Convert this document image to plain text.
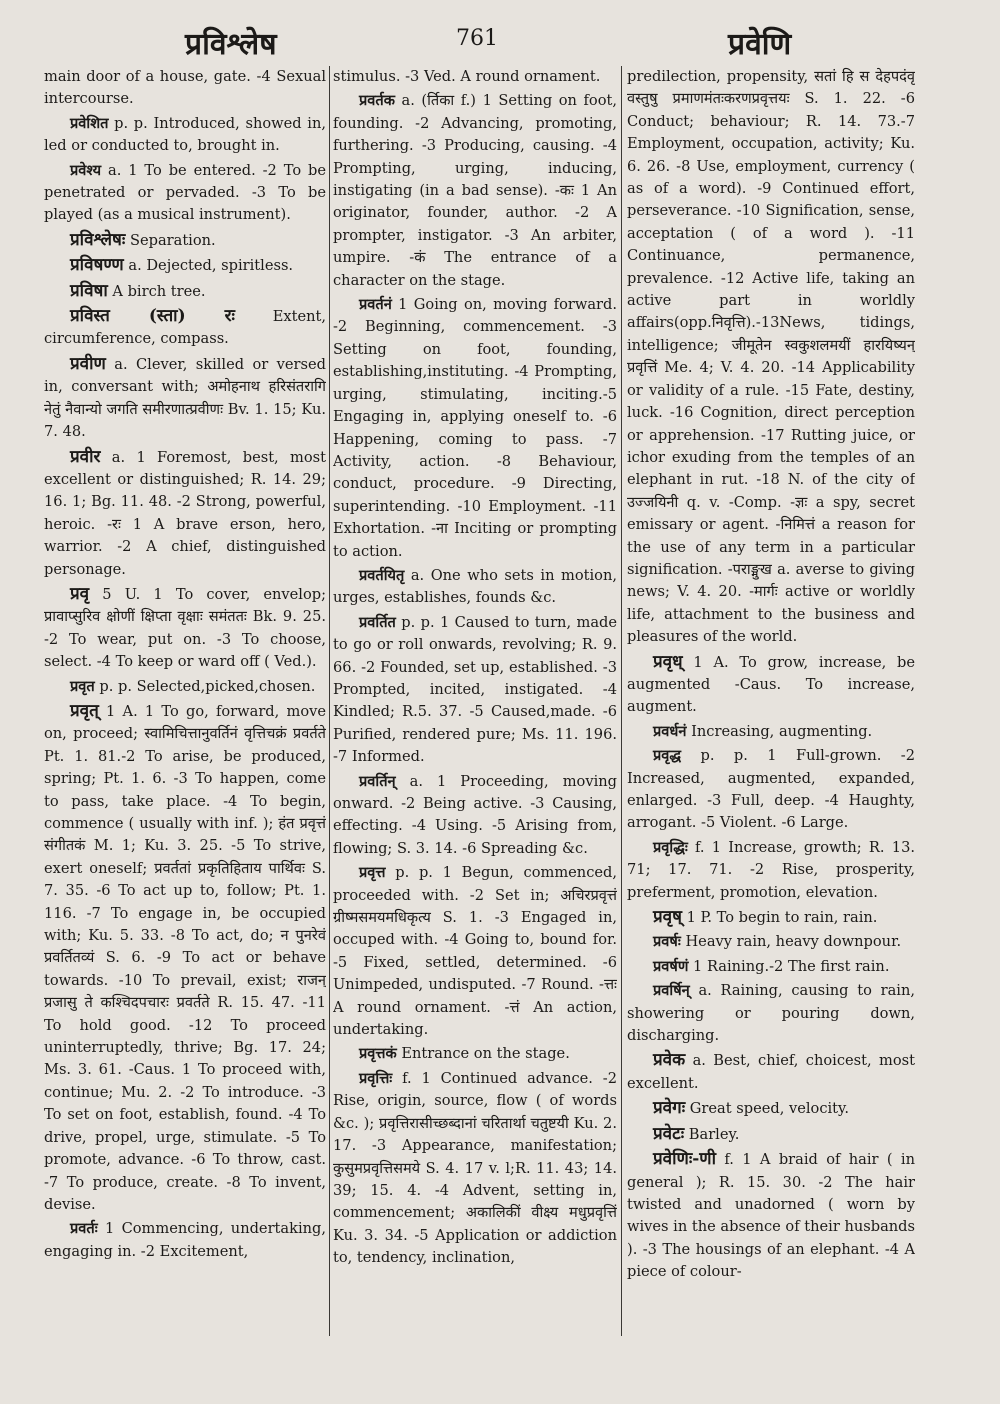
प्रविश्लेष	761	प्रवेणि

main door of a house, gate. -4 Sexual intercourse.

प्रवेशित p. p. Introduced, showed in, led or conducted to, brought in.

प्रवेश्य a. 1 To be entered. -2 To be penetrated or pervaded. -3 To be played (as a musical instrument).

प्रविश्लेषः Separation.

प्रविषण्ण a. Dejected, spiritless.

प्रविषा A birch tree.

प्रविस्त (स्ता) रः Extent, circumference, compass.

प्रवीण a. Clever, skilled or versed in, conversant with; अमोहनाथ हरिसंतरागि नेतुं नैवान्यो जगति समीरणात्प्रवीणः Bv. 1. 15; Ku. 7. 48.

प्रवीर a. 1 Foremost, best, most excellent or distinguished; R. 14. 29; 16. 1; Bg. 11. 48. -2 Strong, powerful, heroic. -रः 1 A brave erson, hero, warrior. -2 A chief, distinguished personage.

प्रवृ 5 U. 1 To cover, envelop; प्रावाप्सुरिव क्षोणीं क्षिप्ता वृक्षाः समंततः Bk. 9. 25. -2 To wear, put on. -3 To choose, select. -4 To keep or ward off ( Ved.).

प्रवृत p. p. Selected,picked,chosen.

प्रवृत् 1 A. 1 To go, forward, move on, proceed; स्वामिचित्तानुवर्तिनं वृत्तिचक्रं प्रवर्तते Pt. 1. 81.-2 To arise, be produced, spring; Pt. 1. 6. -3 To happen, come to pass, take place. -4 To begin, commence ( usually with inf. ); हंत प्रवृत्तं संगीतकं M. 1; Ku. 3. 25. -5 To strive, exert oneself; प्रवर्ततां प्रकृतिहिताय पार्थिवः S. 7. 35. -6 To act up to, follow; Pt. 1. 116. -7 To engage in, be occupied with; Ku. 5. 33. -8 To act, do; न पुनरेवं प्रवर्तितव्यं S. 6. -9 To act or behave towards. -10 To prevail, exist; राजन् प्रजासु ते कश्चिदपचारः प्रवर्तते R. 15. 47. -11 To hold good. -12 To proceed uninterruptedly, thrive; Bg. 17. 24; Ms. 3. 61. -Caus. 1 To proceed with, continue; Mu. 2. -2 To introduce. -3 To set on foot, establish, found. -4 To drive, propel, urge, stimulate. -5 To promote, advance. -6 To throw, cast. -7 To produce, create. -8 To invent, devise.

प्रवर्तः 1 Commencing, undertaking, engaging in. -2 Excitement,

stimulus. -3 Ved. A round ornament.

प्रवर्तक a. (र्तिका f.) 1 Setting on foot, founding. -2 Advancing, promoting, furthering. -3 Producing, causing. -4 Prompting, urging, inducing, instigating (in a bad sense). -कः 1 An originator, founder, author. -2 A prompter, instigator. -3 An arbiter, umpire. -कं The entrance of a character on the stage.

प्रवर्तनं 1 Going on, moving forward. -2 Beginning, commencement. -3 Setting on foot, founding, establishing,instituting. -4 Prompting, urging, stimulating, inciting.-5 Engaging in, applying oneself to. -6 Happening, coming to pass. -7 Activity, action. -8 Behaviour, conduct, procedure. -9 Directing, superintending. -10 Employment. -11 Exhortation. -ना Inciting or prompting to action.

प्रवर्तयितृ a. One who sets in motion, urges, establishes, founds &c.

प्रवर्तित p. p. 1 Caused to turn, made to go or roll onwards, revolving; R. 9. 66. -2 Founded, set up, established. -3 Prompted, incited, instigated. -4 Kindled; R.5. 37. -5 Caused,made. -6 Purified, rendered pure; Ms. 11. 196. -7 Informed.

प्रवर्तिन् a. 1 Proceeding, moving onward. -2 Being active. -3 Causing, effecting. -4 Using. -5 Arising from, flowing; S. 3. 14. -6 Spreading &c.

प्रवृत्त p. p. 1 Begun, commenced, proceeded with. -2 Set in; अचिरप्रवृत्तं ग्रीष्मसमयमधिकृत्य S. 1. -3 Engaged in, occuped with. -4 Going to, bound for. -5 Fixed, settled, determined. -6 Unimpeded, undisputed. -7 Round. -त्तः A round ornament. -त्तं An action, undertaking.

प्रवृत्तकं Entrance on the stage.

प्रवृत्तिः f. 1 Continued advance. -2 Rise, origin, source, flow ( of words &c. ); प्रवृत्तिरासीच्छब्दानां चरितार्था चतुष्टयी Ku. 2. 17. -3 Appearance, manifestation; कुसुमप्रवृत्तिसमये S. 4. 17 v. l;R. 11. 43; 14. 39; 15. 4. -4 Advent, setting in, commencement; अकालिकीं वीक्ष्य मधुप्रवृत्तिं Ku. 3. 34. -5 Application or addiction to, tendency, inclination,

predilection, propensity, सतां हि स देहपदंवृ वस्तुषु प्रमाणमंतःकरणप्रवृत्तयः S. 1. 22. -6 Conduct; behaviour; R. 14. 73.-7 Employment, occupation, activity; Ku. 6. 26. -8 Use, employment, currency ( as of a word). -9 Continued effort, perseverance. -10 Signification, sense, acceptation ( of a word ). -11 Continuance, permanence, prevalence. -12 Active life, taking an active part in worldly affairs(opp.निवृत्ति).-13News, tidings, intelligence; जीमूतेन स्वकुशलमयीं हारयिष्यन् प्रवृत्तिं Me. 4; V. 4. 20. -14 Applicability or validity of a rule. -15 Fate, destiny, luck. -16 Cognition, direct perception or apprehension. -17 Rutting juice, or ichor exuding from the temples of an elephant in rut. -18 N. of the city of उज्जयिनी q. v. -Comp. -ज्ञः a spy, secret emissary or agent. -निमित्तं a reason for the use of any term in a particular signification. -पराङ्मुख a. averse to giving news; V. 4. 20. -मार्गः active or worldly life, attachment to the business and pleasures of the world.

प्रवृध् 1 A. To grow, increase, be augmented -Caus. To increase, augment.

प्रवर्धनं Increasing, augmenting.

प्रवृद्ध p. p. 1 Full-grown. -2 Increased, augmented, expanded, enlarged. -3 Full, deep. -4 Haughty, arrogant. -5 Violent. -6 Large.

प्रवृद्धिः f. 1 Increase, growth; R. 13. 71; 17. 71. -2 Rise, prosperity, preferment, promotion, elevation.

प्रवृष् 1 P. To begin to rain, rain.

प्रवर्षः Heavy rain, heavy downpour.

प्रवर्षणं 1 Raining.-2 The first rain.

प्रवर्षिन् a. Raining, causing to rain, showering or pouring down, discharging.

प्रवेक a. Best, chief, choicest, most excellent.

प्रवेगः Great speed, velocity.

प्रवेटः Barley.

प्रवेणिः-णी f. 1 A braid of hair ( in general ); R. 15. 30. -2 The hair twisted and unadorned ( worn by wives in the absence of their husbands ). -3 The housings of an elephant. -4 A piece of colour-
